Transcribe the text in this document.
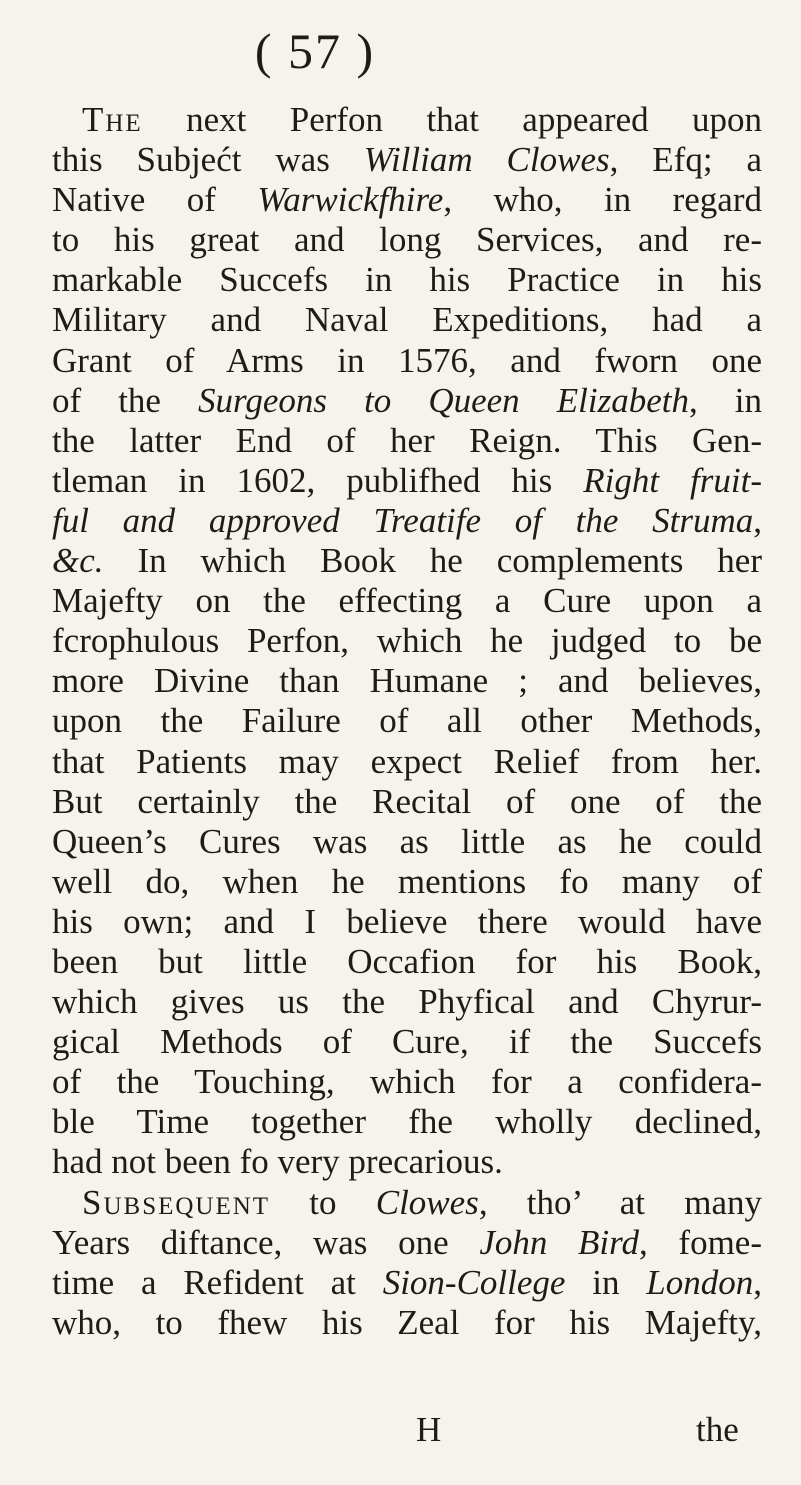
( 57 )
The next Perfon that appeared upon
this Subjećt was William Clowes, Efq; a
Native of Warwickfhire, who, in regard
to his great and long Services, and re-
markable Succefs in his Practice in his
Military and Naval Expeditions, had a
Grant of Arms in 1576, and fworn one
of the Surgeons to Queen Elizabeth, in
the latter End of her Reign. This Gen-
tleman in 1602, publifhed his Right fruit-
ful and approved Treatife of the Struma,
&c. In which Book he complements her
Majefty on the effecting a Cure upon a
fcrophulous Perfon, which he judged to be
more Divine than Humane ; and believes,
upon the Failure of all other Methods,
that Patients may expect Relief from her.
But certainly the Recital of one of the
Queen’s Cures was as little as he could
well do, when he mentions fo many of
his own; and I believe there would have
been but little Occafion for his Book,
which gives us the Phyfical and Chyrur-
gical Methods of Cure, if the Succefs
of the Touching, which for a confidera-
ble Time together fhe wholly declined,
had not been fo very precarious.
Subsequent to Clowes, tho’ at many
Years diftance, was one John Bird, fome-
time a Refident at Sion-College in London,
who, to fhew his Zeal for his Majefty,
H	the
